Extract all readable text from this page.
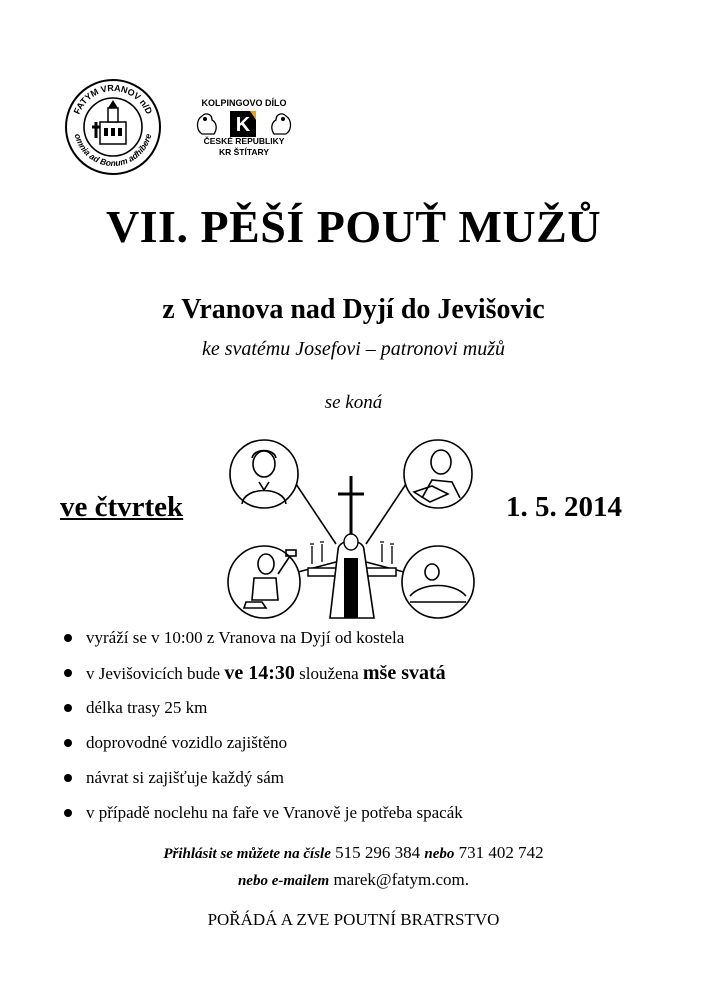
FATYM VRANOV n/D
omnia ad Bonum adhibere
KOLPINGOVO DÍLO
K
ČESKÉ REPUBLIKY
KR ŠTÍTARY
VII. PĚŠÍ POUŤ MUŽŮ
z Vranova nad Dyjí do Jevišovic
ke svatému Josefovi – patronovi mužů
se koná
ve čtvrtek	1. 5. 2014
vyráží se v 10:00 z Vranova na Dyjí od kostela
v Jevišovicích bude ve 14:30 sloužena mše svatá
délka trasy 25 km
doprovodné vozidlo zajištěno
návrat si zajišťuje každý sám
v případě noclehu na faře ve Vranově je potřeba spacák
Přihlásit se můžete na čísle 515 296 384 nebo 731 402 742
nebo e-mailem marek@fatym.com.
POŘÁDÁ A ZVE POUTNÍ BRATRSTVO
